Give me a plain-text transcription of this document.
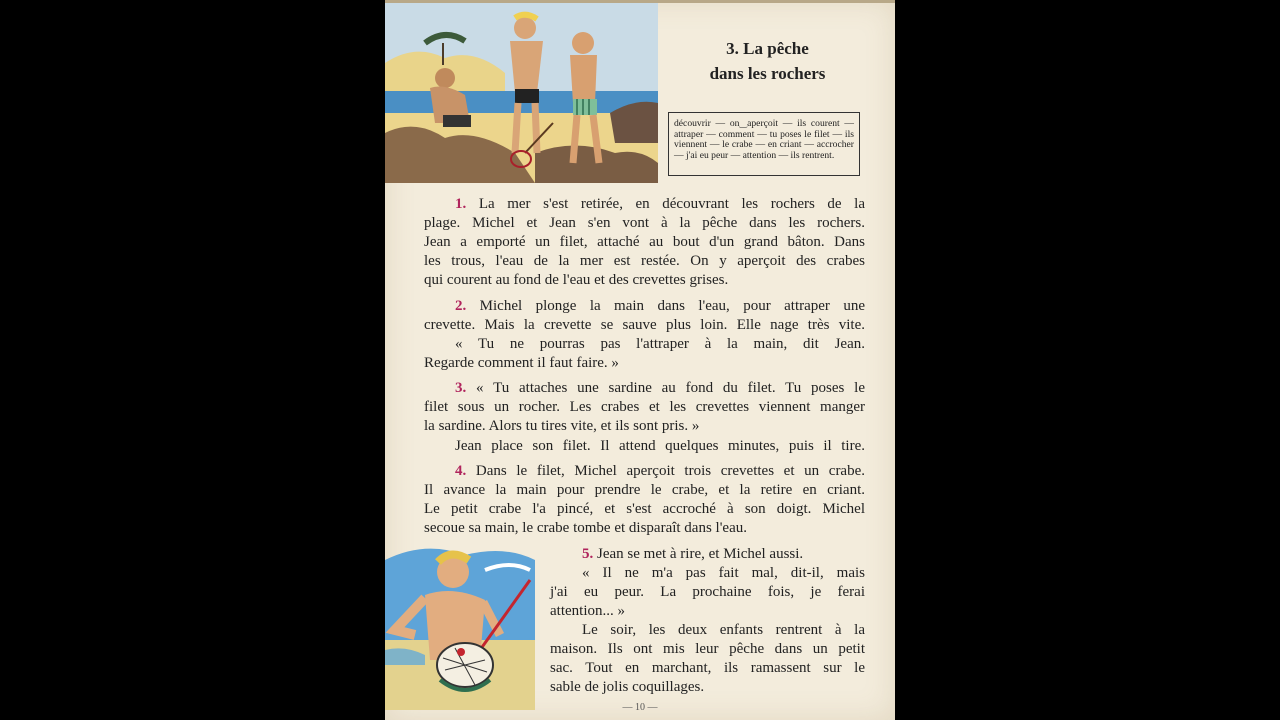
3. La pêche
dans les rochers
découvrir — on‿aperçoit — ils courent — attraper — comment — tu poses le filet — ils viennent — le crabe — en criant — accrocher — j'ai eu peur — attention — ils rentrent.
1. La mer s'est retirée, en découvrant les rochers de la
plage. Michel et Jean s'en vont à la pêche dans les rochers.
Jean a emporté un filet, attaché au bout d'un grand bâton. Dans
les trous, l'eau de la mer est restée. On y aperçoit des crabes
qui courent au fond de l'eau et des crevettes grises.
2. Michel plonge la main dans l'eau, pour attraper une
crevette. Mais la crevette se sauve plus loin. Elle nage très vite.
« Tu ne pourras pas l'attraper à la main, dit Jean.
Regarde comment il faut faire. »
3. « Tu attaches une sardine au fond du filet. Tu poses le
filet sous un rocher. Les crabes et les crevettes viennent manger
la sardine. Alors tu tires vite, et ils sont pris. »
Jean place son filet. Il attend quelques minutes, puis il tire.
4. Dans le filet, Michel aperçoit trois crevettes et un crabe.
Il avance la main pour prendre le crabe, et la retire en criant.
Le petit crabe l'a pincé, et s'est accroché à son doigt. Michel
secoue sa main, le crabe tombe et disparaît dans l'eau.
5. Jean se met à rire, et Michel aussi.
« Il ne m'a pas fait mal, dit-il, mais
j'ai eu peur. La prochaine fois, je ferai
attention... »
Le soir, les deux enfants rentrent à la
maison. Ils ont mis leur pêche dans un petit
sac. Tout en marchant, ils ramassent sur le
sable de jolis coquillages.
— 10 —
